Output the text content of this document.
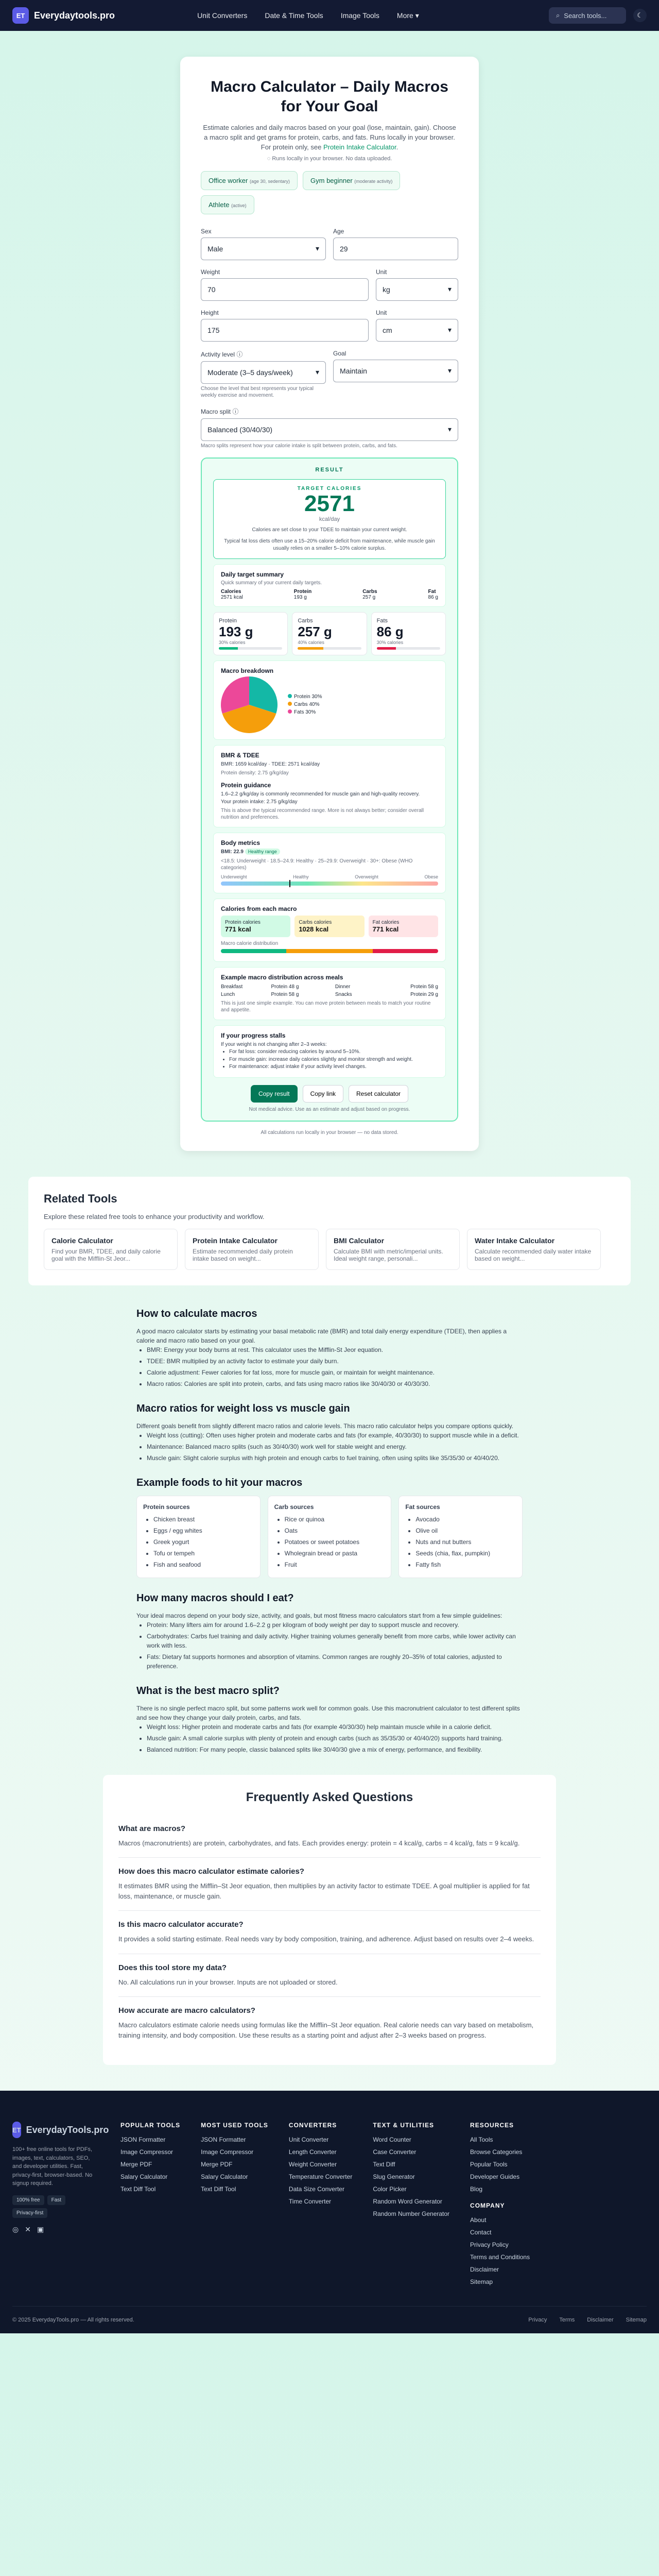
ET Everydaytools.pro	Unit Converters Date & Time Tools Image Tools More ▾	⌕ Search tools...	☾
Macro Calculator – Daily Macros for Your Goal

Estimate calories and daily macros based on your goal (lose, maintain, gain). Choose a macro split and get grams for protein, carbs, and fats. Runs locally in your browser. For protein only, see Protein Intake Calculator.

◌ Runs locally in your browser. No data uploaded.

Office worker (age 30, sedentary)	Gym beginner (moderate activity)
Athlete (active)
Sex
Male	▾
Age
29
Weight
70
Unit
kg	▾
Height
175
Unit
cm	▾
Activity level ⓘ
Moderate (3–5 days/week)	▾
Choose the level that best represents your typical weekly exercise and movement.
Goal
Maintain	▾
Macro split ⓘ
Balanced (30/40/30)	▾
Macro splits represent how your calorie intake is split between protein, carbs, and fats.
RESULT
TARGET CALORIES
2571
kcal/day

Calories are set close to your TDEE to maintain your current weight.

Typical fat loss diets often use a 15–20% calorie deficit from maintenance, while muscle gain usually relies on a smaller 5–10% calorie surplus.

Daily target summary
Quick summary of your current daily targets.
Calories
2571 kcal
Protein
193 g
Carbs
257 g
Fat
86 g
Protein
193 g
30% calories
Carbs
257 g
40% calories
Fats
86 g
30% calories
Macro breakdown
Protein 30%
Carbs 40%
Fats 30%
BMR & TDEE
BMR: 1659 kcal/day · TDEE: 2571 kcal/day
Protein density: 2.75 g/kg/day
Protein guidance
1.6–2.2 g/kg/day is commonly recommended for muscle gain and high-quality recovery.
Your protein intake: 2.75 g/kg/day
This is above the typical recommended range. More is not always better; consider overall nutrition and preferences.
Body metrics
BMI: 22.9 Healthy range
<18.5: Underweight · 18.5–24.9: Healthy · 25–29.9: Overweight · 30+: Obese (WHO categories)
Underweight	Healthy	Overweight	Obese
Calories from each macro
Protein calories
771 kcal
Carbs calories
1028 kcal
Fat calories
771 kcal
Macro calorie distribution
Example macro distribution across meals
Breakfast	Protein 48 g	Dinner	Protein 58 g
Lunch	Protein 58 g	Snacks	Protein 29 g
This is just one simple example. You can move protein between meals to match your routine and appetite.
If your progress stalls
If your weight is not changing after 2–3 weeks:
• For fat loss: consider reducing calories by around 5–10%.
• For muscle gain: increase daily calories slightly and monitor strength and weight.
• For maintenance: adjust intake if your activity level changes.
Copy result	Copy link	Reset calculator
Not medical advice. Use as an estimate and adjust based on progress.
All calculations run locally in your browser — no data stored.
Related Tools

Explore these related free tools to enhance your productivity and workflow.

Calorie Calculator

Find your BMR, TDEE, and daily calorie goal with the Mifflin-St Jeor...

Protein Intake Calculator

Estimate recommended daily protein intake based on weight...

BMI Calculator

Calculate BMI with metric/imperial units. Ideal weight range, personali...

Water Intake Calculator

Calculate recommended daily water intake based on weight...

How to calculate macros

A good macro calculator starts by estimating your basal metabolic rate (BMR) and total daily energy expenditure (TDEE), then applies a calorie and macro ratio based on your goal.

• BMR: Energy your body burns at rest. This calculator uses the Mifflin-St Jeor equation.
• TDEE: BMR multiplied by an activity factor to estimate your daily burn.
• Calorie adjustment: Fewer calories for fat loss, more for muscle gain, or maintain for weight maintenance.
• Macro ratios: Calories are split into protein, carbs, and fats using macro ratios like 30/40/30 or 40/30/30.
Macro ratios for weight loss vs muscle gain

Different goals benefit from slightly different macro ratios and calorie levels. This macro ratio calculator helps you compare options quickly.

• Weight loss (cutting): Often uses higher protein and moderate carbs and fats (for example, 40/30/30) to support muscle while in a deficit.
• Maintenance: Balanced macro splits (such as 30/40/30) work well for stable weight and energy.
• Muscle gain: Slight calorie surplus with high protein and enough carbs to fuel training, often using splits like 35/35/30 or 40/40/20.
Example foods to hit your macros
Protein sources
• Chicken breast
• Eggs / egg whites
• Greek yogurt
• Tofu or tempeh
• Fish and seafood
Carb sources
• Rice or quinoa
• Oats
• Potatoes or sweet potatoes
• Wholegrain bread or pasta
• Fruit
Fat sources
• Avocado
• Olive oil
• Nuts and nut butters
• Seeds (chia, flax, pumpkin)
• Fatty fish
How many macros should I eat?

Your ideal macros depend on your body size, activity, and goals, but most fitness macro calculators start from a few simple guidelines:

• Protein: Many lifters aim for around 1.6–2.2 g per kilogram of body weight per day to support muscle and recovery.
• Carbohydrates: Carbs fuel training and daily activity. Higher training volumes generally benefit from more carbs, while lower activity can work with less.
• Fats: Dietary fat supports hormones and absorption of vitamins. Common ranges are roughly 20–35% of total calories, adjusted to preference.
What is the best macro split?

There is no single perfect macro split, but some patterns work well for common goals. Use this macronutrient calculator to test different splits and see how they change your daily protein, carbs, and fats.

• Weight loss: Higher protein and moderate carbs and fats (for example 40/30/30) help maintain muscle while in a calorie deficit.
• Muscle gain: A small calorie surplus with plenty of protein and enough carbs (such as 35/35/30 or 40/40/20) supports hard training.
• Balanced nutrition: For many people, classic balanced splits like 30/40/30 give a mix of energy, performance, and flexibility.
Frequently Asked Questions
What are macros?

Macros (macronutrients) are protein, carbohydrates, and fats. Each provides energy: protein = 4 kcal/g, carbs = 4 kcal/g, fats = 9 kcal/g.

How does this macro calculator estimate calories?

It estimates BMR using the Mifflin–St Jeor equation, then multiplies by an activity factor to estimate TDEE. A goal multiplier is applied for fat loss, maintenance, or muscle gain.

Is this macro calculator accurate?

It provides a solid starting estimate. Real needs vary by body composition, training, and adherence. Adjust based on results over 2–4 weeks.

Does this tool store my data?

No. All calculations run in your browser. Inputs are not uploaded or stored.

How accurate are macro calculators?

Macro calculators estimate calorie needs using formulas like the Mifflin–St Jeor equation. Real calorie needs can vary based on metabolism, training intensity, and body composition. Use these results as a starting point and adjust after 2–3 weeks based on progress.

ET EverydayTools.pro

100+ free online tools for PDFs, images, text, calculators, SEO, and developer utilities. Fast, privacy-first, browser-based. No signup required.

100% free	Fast
Privacy-first
◎ ✕ ▣
POPULAR TOOLS
JSON Formatter
Image Compressor
Merge PDF
Salary Calculator
Text Diff Tool
MOST USED TOOLS
JSON Formatter
Image Compressor
Merge PDF
Salary Calculator
Text Diff Tool
CONVERTERS
Unit Converter
Length Converter
Weight Converter
Temperature Converter
Data Size Converter
Time Converter
TEXT & UTILITIES
Word Counter
Case Converter
Text Diff
Slug Generator
Color Picker
Random Word Generator
Random Number Generator
RESOURCES
All Tools
Browse Categories
Popular Tools
Developer Guides
Blog
COMPANY
About
Contact
Privacy Policy
Terms and Conditions
Disclaimer
Sitemap
© 2025 EverydayTools.pro — All rights reserved.	Privacy Terms Disclaimer Sitemap
